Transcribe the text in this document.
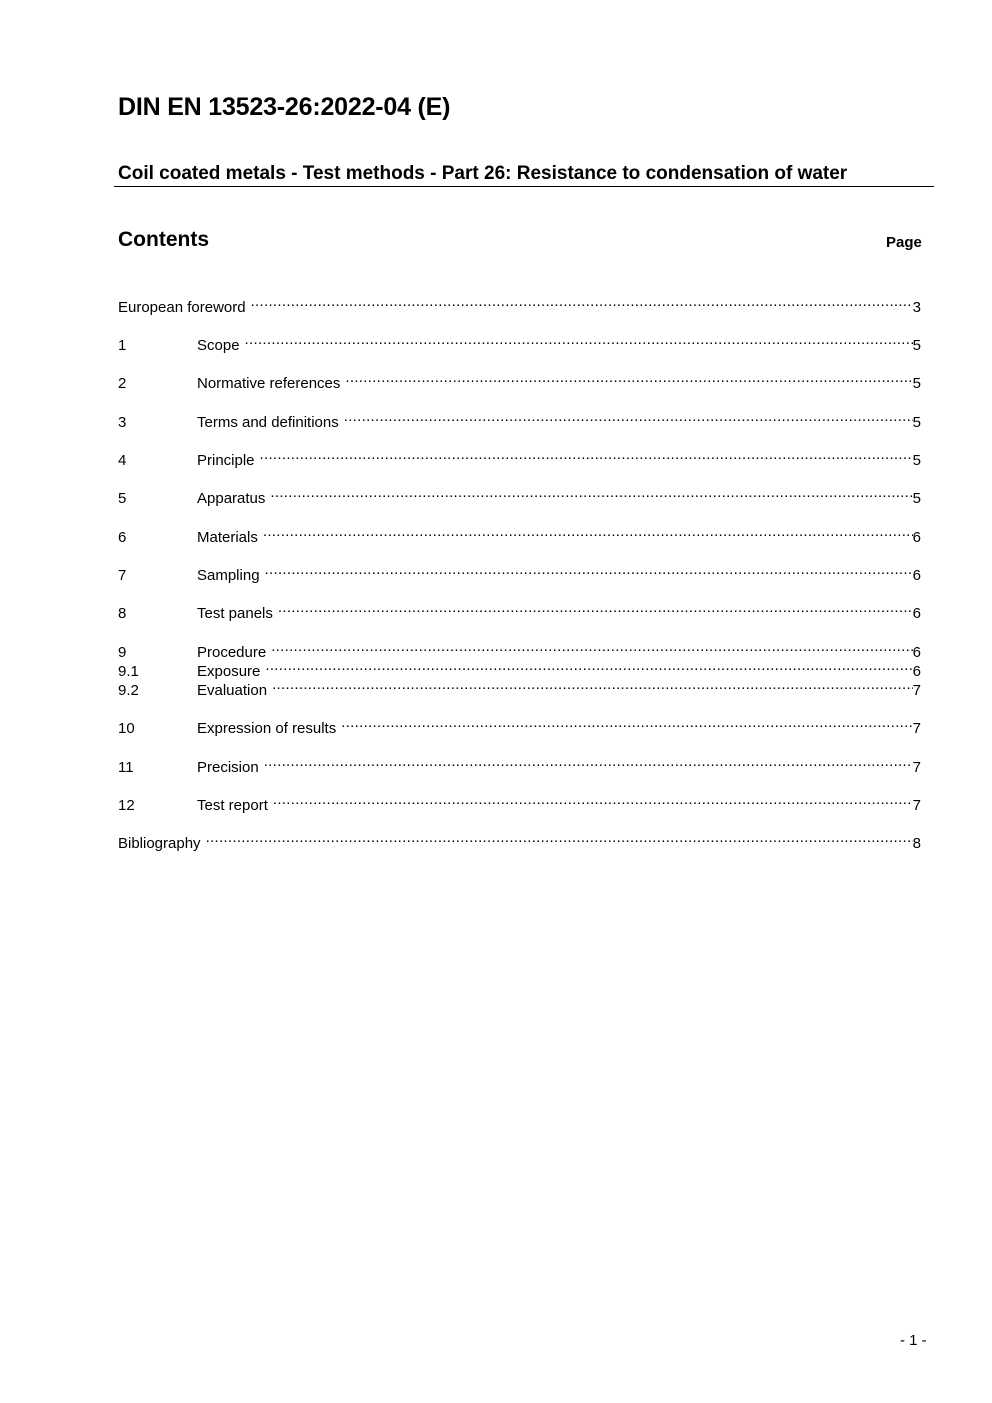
DIN EN 13523-26:2022-04 (E)
Coil coated metals - Test methods - Part 26: Resistance to condensation of water
Contents	Page
European foreword .....	3
1	Scope .....	5
2	Normative references .....	5
3	Terms and definitions .....	5
4	Principle .....	5
5	Apparatus .....	5
6	Materials .....	6
7	Sampling .....	6
8	Test panels .....	6
9	Procedure .....	6
9.1	Exposure .....	6
9.2	Evaluation .....	7
10	Expression of results .....	7
11	Precision .....	7
12	Test report .....	7
Bibliography .....	8
- 1 -
